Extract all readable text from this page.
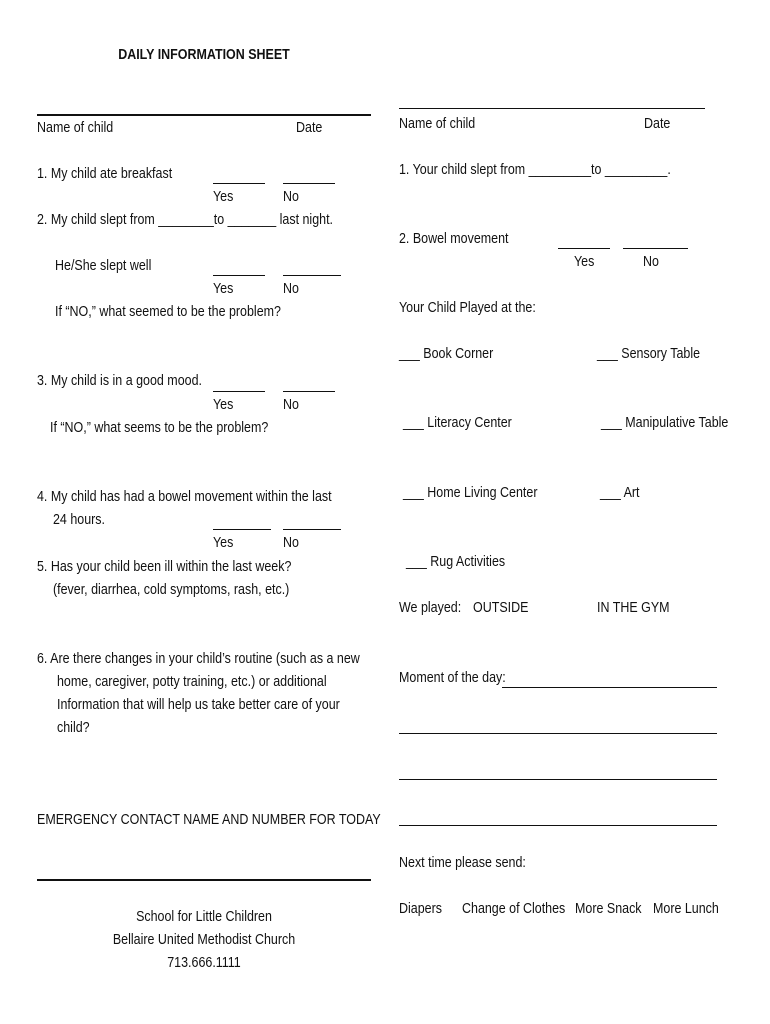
DAILY INFORMATION SHEET
Name of child	Date
1. My child ate breakfast
Yes	No
2. My child slept from ________to _______ last night.
He/She slept well
Yes	No
If “NO,” what seemed to be the problem?
3. My child is in a good mood.
Yes	No
If “NO,” what seems to be the problem?
4. My child has had a bowel movement within the last
24 hours.
Yes	No
5. Has your child been ill within the last week?
(fever, diarrhea, cold symptoms, rash, etc.)
6. Are there changes in your child’s routine (such as a new
home, caregiver, potty training, etc.) or additional
Information that will help us take better care of your
child?
EMERGENCY CONTACT NAME AND NUMBER FOR TODAY
School for Little Children
Bellaire United Methodist Church
713.666.1111
Name of child	Date
1. Your child slept from _________to _________.
2. Bowel movement
Yes	No
Your Child Played at the:
___ Book Corner	___ Sensory Table
___ Literacy Center	___ Manipulative Table
___ Home Living Center	___ Art
___ Rug Activities
We played: OUTSIDE	IN THE GYM
Moment of the day:
Next time please send:
Diapers Change of Clothes More Snack More Lunch
